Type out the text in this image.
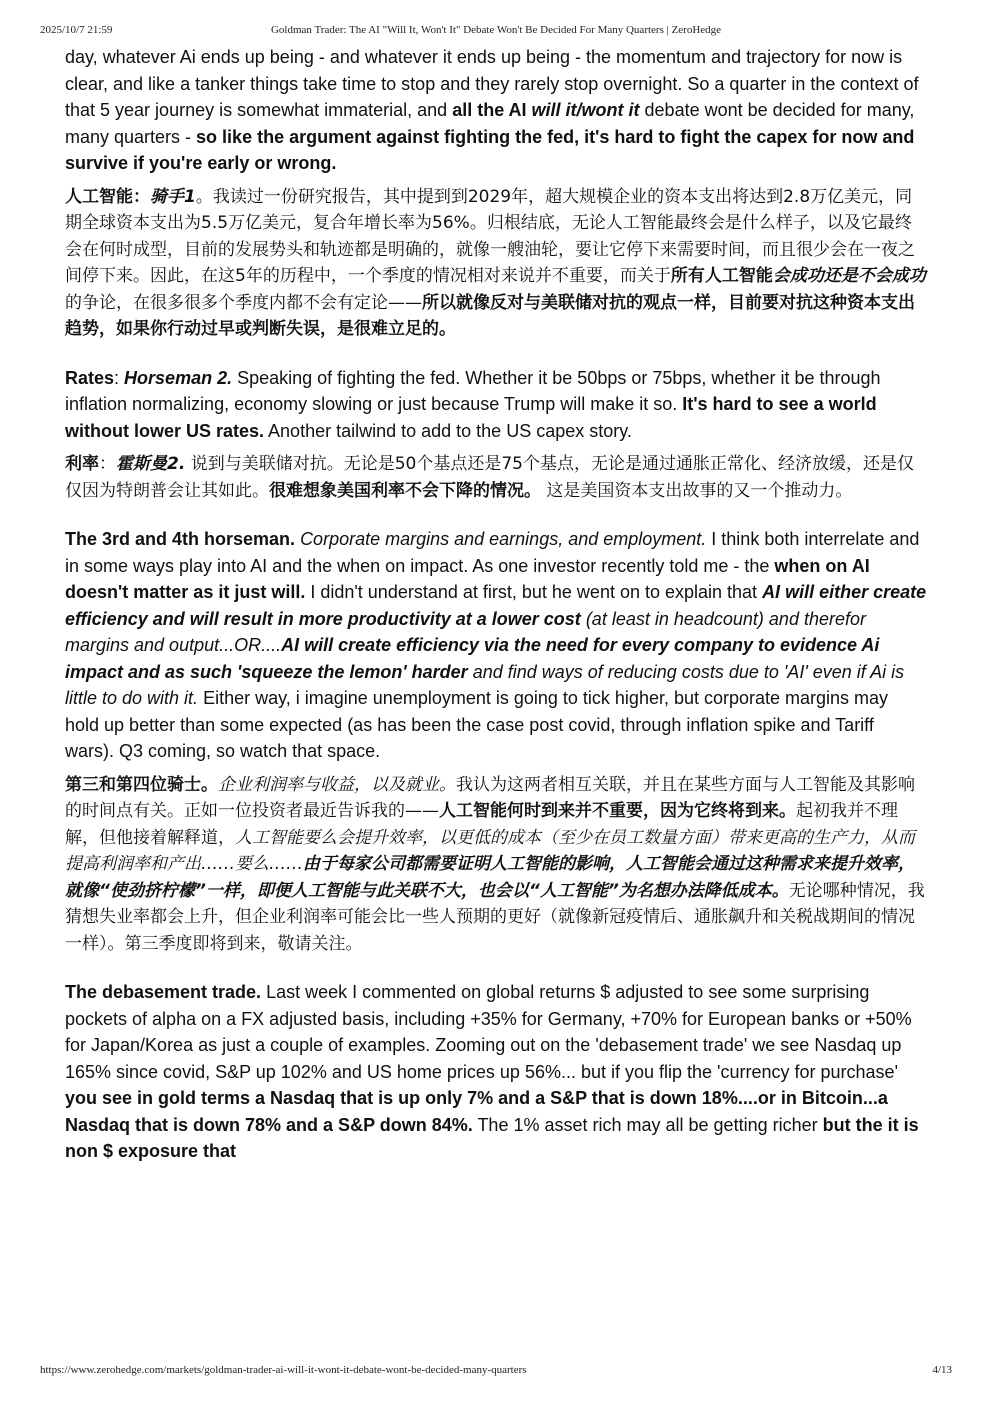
2025/10/7 21:59	Goldman Trader: The AI "Will It, Won't It" Debate Won't Be Decided For Many Quarters | ZeroHedge

day, whatever Ai ends up being - and whatever it ends up being - the momentum and trajectory for now is clear, and like a tanker things take time to stop and they rarely stop overnight. So a quarter in the context of that 5 year journey is somewhat immaterial, and all the AI will it/wont it debate wont be decided for many, many quarters - so like the argument against fighting the fed, it's hard to fight the capex for now and survive if you're early or wrong.

人工智能：骑手1。我读过一份研究报告，其中提到到2029年，超大规模企业的资本支出将达到2.8万亿美元，同期全球资本支出为5.5万亿美元，复合年增长率为56%。归根结底，无论人工智能最终会是什么样子，以及它最终会在何时成型，目前的发展势头和轨迹都是明确的，就像一艘油轮，要让它停下来需要时间，而且很少会在一夜之间停下来。因此，在这5年的历程中，一个季度的情况相对来说并不重要，而关于所有人工智能会成功还是不会成功的争论，在很多很多个季度内都不会有定论——所以就像反对与美联储对抗的观点一样，目前要对抗这种资本支出趋势，如果你行动过早或判断失误，是很难立足的。

Rates: Horseman 2. Speaking of fighting the fed. Whether it be 50bps or 75bps, whether it be through inflation normalizing, economy slowing or just because Trump will make it so. It's hard to see a world without lower US rates. Another tailwind to add to the US capex story.

利率：霍斯曼2. 说到与美联储对抗。无论是50个基点还是75个基点，无论是通过通胀正常化、经济放缓，还是仅仅因为特朗普会让其如此。很难想象美国利率不会下降的情况。 这是美国资本支出故事的又一个推动力。

The 3rd and 4th horseman. Corporate margins and earnings, and employment. I think both interrelate and in some ways play into AI and the when on impact. As one investor recently told me - the when on AI doesn't matter as it just will. I didn't understand at first, but he went on to explain that AI will either create efficiency and will result in more productivity at a lower cost (at least in headcount) and therefor margins and output...OR....AI will create efficiency via the need for every company to evidence Ai impact and as such 'squeeze the lemon' harder and find ways of reducing costs due to 'AI' even if Ai is little to do with it. Either way, i imagine unemployment is going to tick higher, but corporate margins may hold up better than some expected (as has been the case post covid, through inflation spike and Tariff wars). Q3 coming, so watch that space.

第三和第四位骑士。企业利润率与收益，以及就业。我认为这两者相互关联，并且在某些方面与人工智能及其影响的时间点有关。正如一位投资者最近告诉我的——人工智能何时到来并不重要，因为它终将到来。起初我并不理解，但他接着解释道，人工智能要么会提升效率，以更低的成本（至少在员工数量方面）带来更高的生产力，从而提高利润率和产出……要么……由于每家公司都需要证明人工智能的影响，人工智能会通过这种需求来提升效率，就像“使劲挤柠檬”一样，即便人工智能与此关联不大，也会以“人工智能”为名想办法降低成本。无论哪种情况，我猜想失业率都会上升，但企业利润率可能会比一些人预期的更好（就像新冠疫情后、通胀飙升和关税战期间的情况一样）。第三季度即将到来，敬请关注。

The debasement trade. Last week I commented on global returns $ adjusted to see some surprising pockets of alpha on a FX adjusted basis, including +35% for Germany, +70% for European banks or +50% for Japan/Korea as just a couple of examples. Zooming out on the 'debasement trade' we see Nasdaq up 165% since covid, S&P up 102% and US home prices up 56%... but if you flip the 'currency for purchase' you see in gold terms a Nasdaq that is up only 7% and a S&P that is down 18%....or in Bitcoin...a Nasdaq that is down 78% and a S&P down 84%. The 1% asset rich may all be getting richer but the it is non $ exposure that

https://www.zerohedge.com/markets/goldman-trader-ai-will-it-wont-it-debate-wont-be-decided-many-quarters	4/13
